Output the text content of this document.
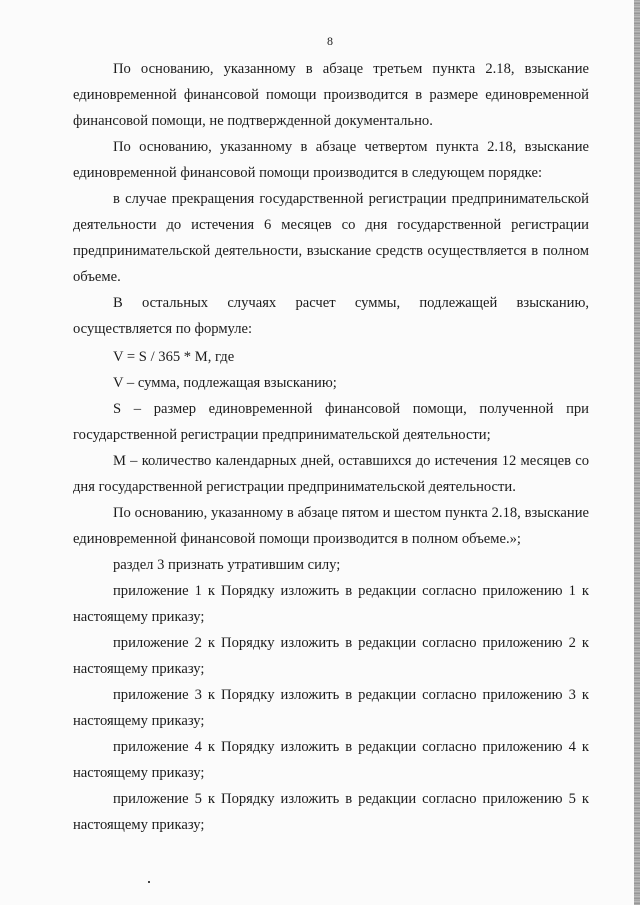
8

По основанию, указанному в абзаце третьем пункта 2.18, взыскание единовременной финансовой помощи производится в размере единовременной финансовой помощи, не подтвержденной документально.

По основанию, указанному в абзаце четвертом пункта 2.18, взыскание единовременной финансовой помощи производится в следующем порядке:

в случае прекращения государственной регистрации предпринимательской деятельности до истечения 6 месяцев со дня государственной регистрации предпринимательской деятельности, взыскание средств осуществляется в полном объеме.

В остальных случаях расчет суммы, подлежащей взысканию, осуществляется по формуле:

V = S / 365 * М, где

V – сумма, подлежащая взысканию;

S – размер единовременной финансовой помощи, полученной при государственной регистрации предпринимательской деятельности;

М – количество календарных дней, оставшихся до истечения 12 месяцев со дня государственной регистрации предпринимательской деятельности.

По основанию, указанному в абзаце пятом и шестом пункта 2.18, взыскание единовременной финансовой помощи производится в полном объеме.»;

раздел 3 признать утратившим силу;

приложение 1 к Порядку изложить в редакции согласно приложению 1 к настоящему приказу;

приложение 2 к Порядку изложить в редакции согласно приложению 2 к настоящему приказу;

приложение 3 к Порядку изложить в редакции согласно приложению 3 к настоящему приказу;

приложение 4 к Порядку изложить в редакции согласно приложению 4 к настоящему приказу;

приложение 5 к Порядку изложить в редакции согласно приложению 5 к настоящему приказу;
